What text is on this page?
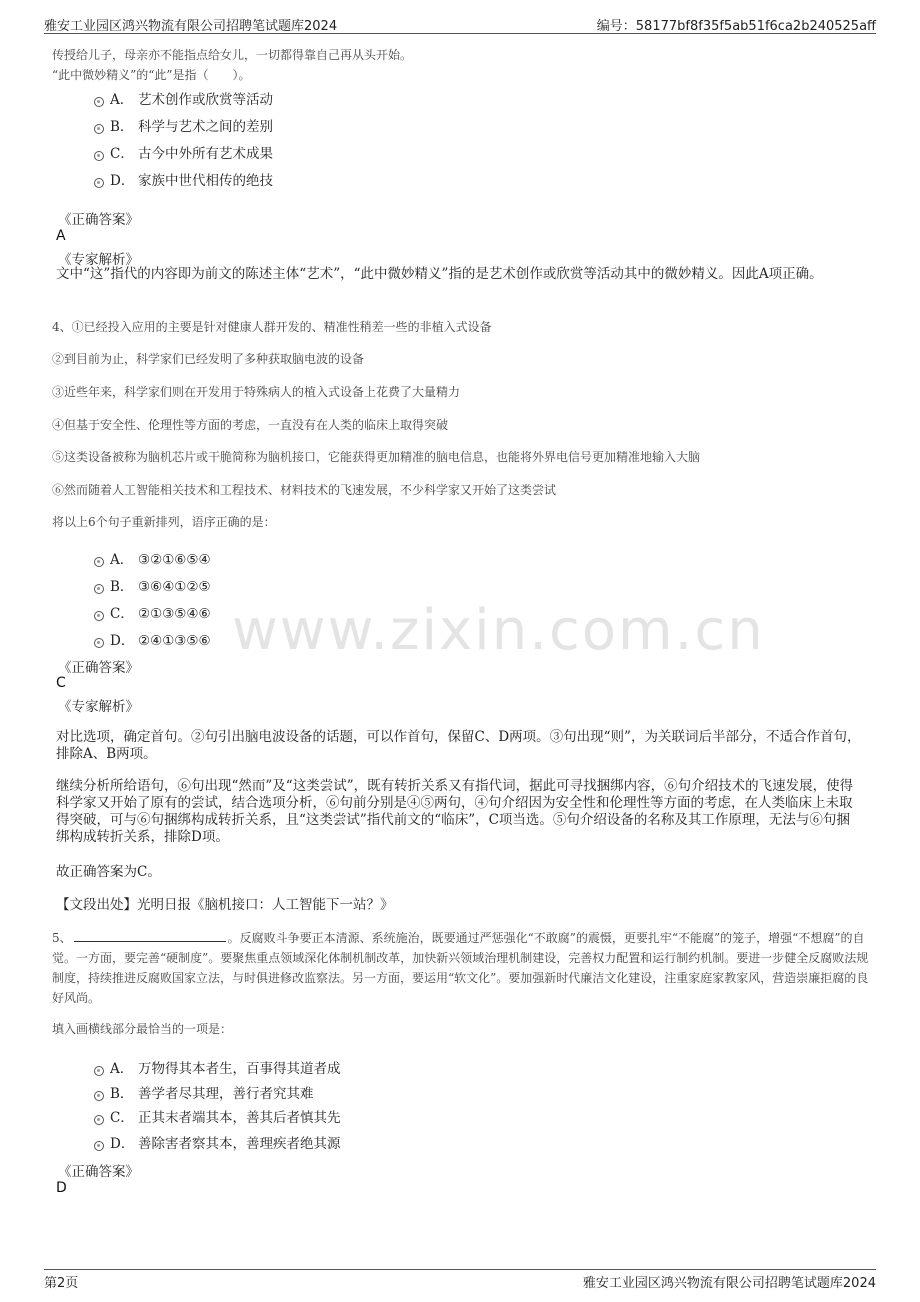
雅安工业园区鸿兴物流有限公司招聘笔试题库2024	编号：58177bf8f35f5ab51f6ca2b240525aff
www.zixin.com.cn
传授给儿子，母亲亦不能指点给女儿，一切都得靠自己再从头开始。
“此中微妙精义”的“此”是指（　　）。
A． 艺术创作或欣赏等活动
B． 科学与艺术之间的差别
C． 古今中外所有艺术成果
D． 家族中世代相传的绝技
《正确答案》
A
《专家解析》
文中“这”指代的内容即为前文的陈述主体“艺术”，“此中微妙精义”指的是艺术创作或欣赏等活动其中的微妙精义。因此A项正确。
4、①已经投入应用的主要是针对健康人群开发的、精准性稍差一些的非植入式设备
②到目前为止，科学家们已经发明了多种获取脑电波的设备
③近些年来，科学家们则在开发用于特殊病人的植入式设备上花费了大量精力
④但基于安全性、伦理性等方面的考虑，一直没有在人类的临床上取得突破
⑤这类设备被称为脑机芯片或干脆简称为脑机接口，它能获得更加精准的脑电信息，也能将外界电信号更加精准地输入大脑
⑥然而随着人工智能相关技术和工程技术、材料技术的飞速发展，不少科学家又开始了这类尝试
将以上6个句子重新排列，语序正确的是：
A． ③②①⑥⑤④
B． ③⑥④①②⑤
C． ②①③⑤④⑥
D． ②④①③⑤⑥
《正确答案》
C
《专家解析》
对比选项，确定首句。②句引出脑电波设备的话题，可以作首句，保留C、D两项。③句出现“则”，为关联词后半部分，不适合作首句，排除A、B两项。
继续分析所给语句，⑥句出现“然而”及“这类尝试”，既有转折关系又有指代词，据此可寻找捆绑内容，⑥句介绍技术的飞速发展，使得科学家又开始了原有的尝试，结合选项分析，⑥句前分别是④⑤两句，④句介绍因为安全性和伦理性等方面的考虑，在人类临床上未取得突破，可与⑥句捆绑构成转折关系，且“这类尝试”指代前文的“临床”，C项当选。⑤句介绍设备的名称及其工作原理，无法与⑥句捆绑构成转折关系，排除D项。
故正确答案为C。
【文段出处】光明日报《脑机接口：人工智能下一站？》
5、	。反腐败斗争要正本清源、系统施治，既要通过严惩强化“不敢腐”的震慑，更要扎牢“不能腐”的笼子，增强“不想腐”的自觉。一方面，要完善“硬制度”。要聚焦重点领域深化体制机制改革，加快新兴领域治理机制建设，完善权力配置和运行制约机制。要进一步健全反腐败法规制度，持续推进反腐败国家立法，与时俱进修改监察法。另一方面，要运用“软文化”。要加强新时代廉洁文化建设，注重家庭家教家风，营造崇廉拒腐的良好风尚。
填入画横线部分最恰当的一项是：
A． 万物得其本者生，百事得其道者成
B． 善学者尽其理，善行者究其难
C． 正其末者端其本，善其后者慎其先
D． 善除害者察其本，善理疾者绝其源
《正确答案》
D
第2页	雅安工业园区鸿兴物流有限公司招聘笔试题库2024
